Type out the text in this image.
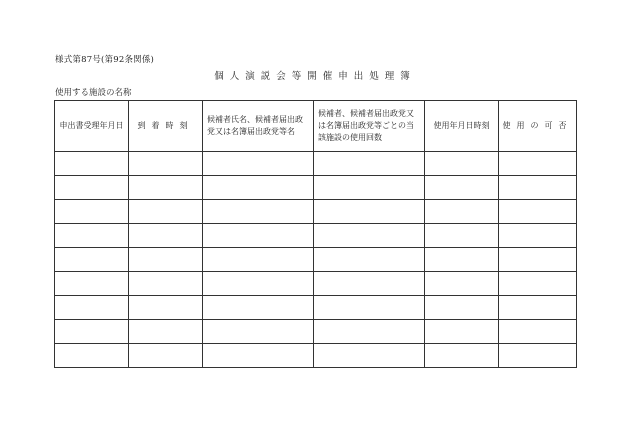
様式第87号(第92条関係)
個人演説会等開催申出処理簿
使用する施設の名称
申出書受理年月日	到着時刻	候補者氏名、候補者届出政党又は名簿届出政党等名	候補者、候補者届出政党又は名簿届出政党等ごとの当該施設の使用回数	使用年月日時刻	使用の可否
